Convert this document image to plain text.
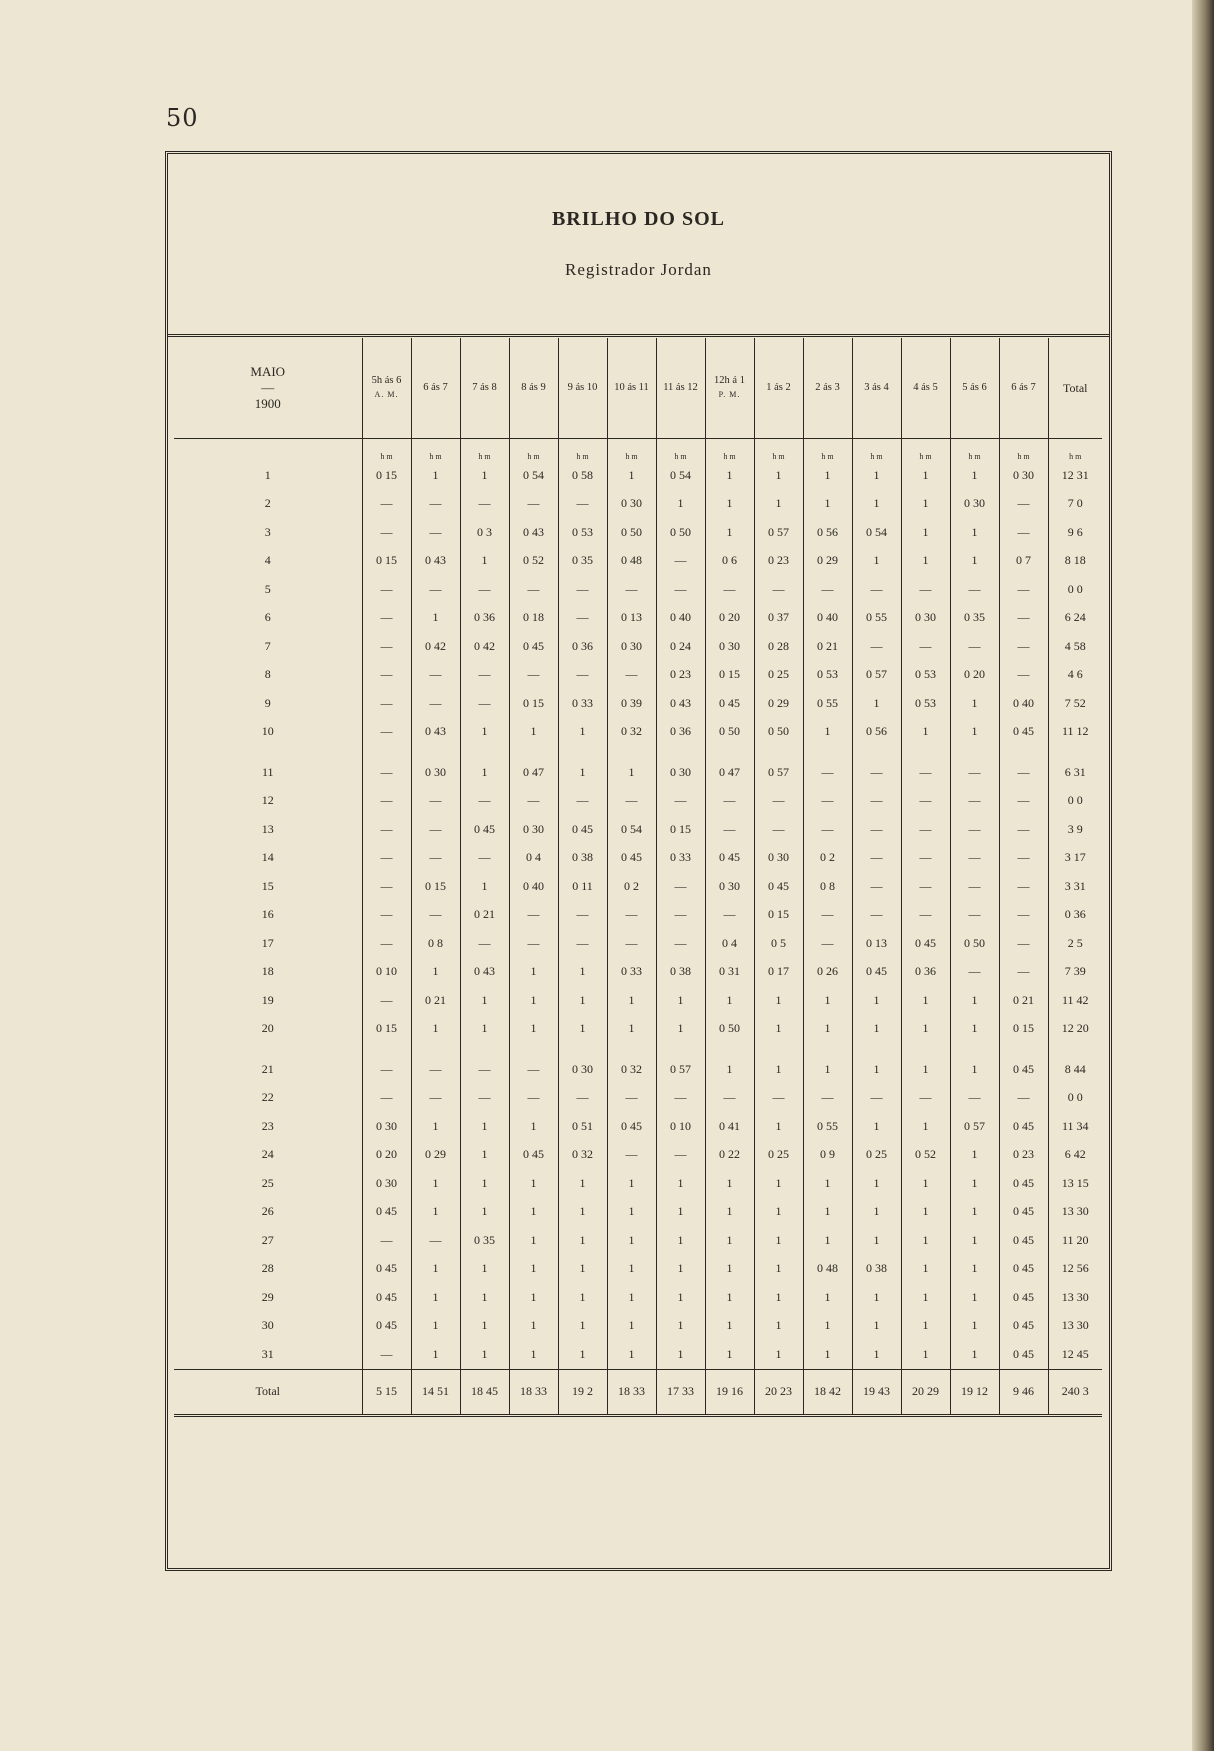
50
BRILHO DO SOL
Registrador Jordan
MAIO
—
1900	5h ás 6
A. M.	6 ás 7	7 ás 8	8 ás 9	9 ás 10	10 ás 11	11 ás 12	12h á 1
P. M.	1 ás 2	2 ás 3	3 ás 4	4 ás 5	5 ás 6	6 ás 7	Total
	h m	h m	h m	h m	h m	h m	h m	h m	h m	h m	h m	h m	h m	h m	h m
1	0 15	1	1	0 54	0 58	1	0 54	1	1	1	1	1	1	0 30	12 31
2	—	—	—	—	—	0 30	1	1	1	1	1	1	0 30	—	7 0
3	—	—	0 3	0 43	0 53	0 50	0 50	1	0 57	0 56	0 54	1	1	—	9 6
4	0 15	0 43	1	0 52	0 35	0 48	—	0 6	0 23	0 29	1	1	1	0 7	8 18
5	—	—	—	—	—	—	—	—	—	—	—	—	—	—	0 0
6	—	1	0 36	0 18	—	0 13	0 40	0 20	0 37	0 40	0 55	0 30	0 35	—	6 24
7	—	0 42	0 42	0 45	0 36	0 30	0 24	0 30	0 28	0 21	—	—	—	—	4 58
8	—	—	—	—	—	—	0 23	0 15	0 25	0 53	0 57	0 53	0 20	—	4 6
9	—	—	—	0 15	0 33	0 39	0 43	0 45	0 29	0 55	1	0 53	1	0 40	7 52
10	—	0 43	1	1	1	0 32	0 36	0 50	0 50	1	0 56	1	1	0 45	11 12

11	—	0 30	1	0 47	1	1	0 30	0 47	0 57	—	—	—	—	—	6 31
12	—	—	—	—	—	—	—	—	—	—	—	—	—	—	0 0
13	—	—	0 45	0 30	0 45	0 54	0 15	—	—	—	—	—	—	—	3 9
14	—	—	—	0 4	0 38	0 45	0 33	0 45	0 30	0 2	—	—	—	—	3 17
15	—	0 15	1	0 40	0 11	0 2	—	0 30	0 45	0 8	—	—	—	—	3 31
16	—	—	0 21	—	—	—	—	—	0 15	—	—	—	—	—	0 36
17	—	0 8	—	—	—	—	—	0 4	0 5	—	0 13	0 45	0 50	—	2 5
18	0 10	1	0 43	1	1	0 33	0 38	0 31	0 17	0 26	0 45	0 36	—	—	7 39
19	—	0 21	1	1	1	1	1	1	1	1	1	1	1	0 21	11 42
20	0 15	1	1	1	1	1	1	0 50	1	1	1	1	1	0 15	12 20

21	—	—	—	—	0 30	0 32	0 57	1	1	1	1	1	1	0 45	8 44
22	—	—	—	—	—	—	—	—	—	—	—	—	—	—	0 0
23	0 30	1	1	1	0 51	0 45	0 10	0 41	1	0 55	1	1	0 57	0 45	11 34
24	0 20	0 29	1	0 45	0 32	—	—	0 22	0 25	0 9	0 25	0 52	1	0 23	6 42
25	0 30	1	1	1	1	1	1	1	1	1	1	1	1	0 45	13 15
26	0 45	1	1	1	1	1	1	1	1	1	1	1	1	0 45	13 30
27	—	—	0 35	1	1	1	1	1	1	1	1	1	1	0 45	11 20
28	0 45	1	1	1	1	1	1	1	1	0 48	0 38	1	1	0 45	12 56
29	0 45	1	1	1	1	1	1	1	1	1	1	1	1	0 45	13 30
30	0 45	1	1	1	1	1	1	1	1	1	1	1	1	0 45	13 30
31	—	1	1	1	1	1	1	1	1	1	1	1	1	0 45	12 45
Total	5 15	14 51	18 45	18 33	19 2	18 33	17 33	19 16	20 23	18 42	19 43	20 29	19 12	9 46	240 3
